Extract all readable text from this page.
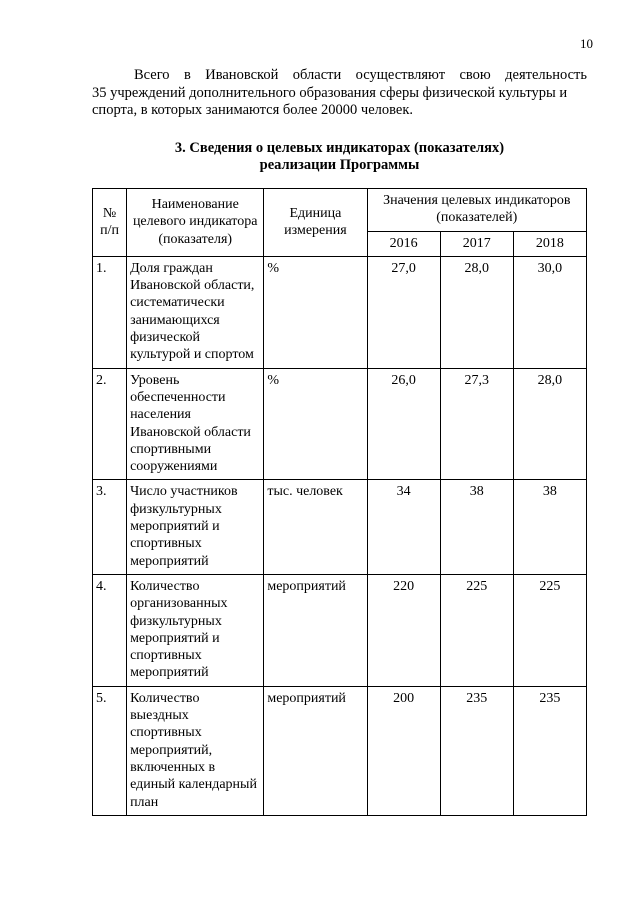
10

Всего в Ивановской области осуществляют свою деятельность
35 учреждений дополнительного образования сферы физической культуры и
спорта, в которых занимаются более 20000 человек.

3. Сведения о целевых индикаторах (показателях)
реализации Программы
№ п/п	Наименование целевого индикатора (показателя)	Единица измерения	Значения целевых индикаторов (показателей)		
			2016	2017	2018
1.	Доля граждан Ивановской области, систематически занимающихся физической культурой и спортом	%	27,0	28,0	30,0
2.	Уровень обеспеченности населения Ивановской области спортивными сооружениями	%	26,0	27,3	28,0
3.	Число участников физкультурных мероприятий и спортивных мероприятий	тыс. человек	34	38	38
4.	Количество организованных физкультурных мероприятий и спортивных мероприятий	мероприятий	220	225	225
5.	Количество выездных спортивных мероприятий, включенных в единый календарный план	мероприятий	200	235	235
